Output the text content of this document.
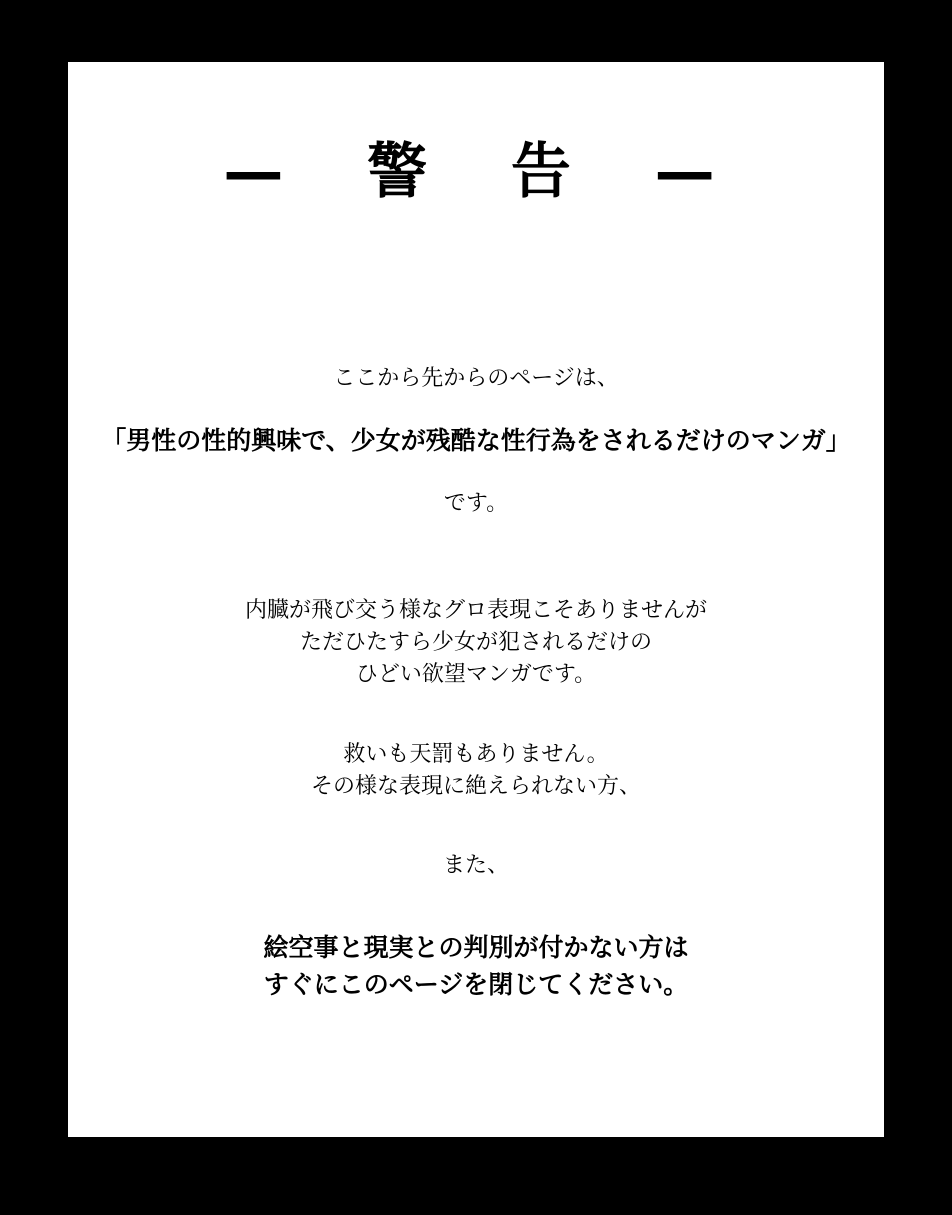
—  警  告  —
ここから先からのページは、
「男性の性的興味で、少女が残酷な性行為をされるだけのマンガ」
です。
内臓が飛び交う様なグロ表現こそありませんが
ただひたすら少女が犯されるだけの
ひどい欲望マンガです。
救いも天罰もありません。
その様な表現に絶えられない方、
また、
絵空事と現実との判別が付かない方は
すぐにこのページを閉じてください。
